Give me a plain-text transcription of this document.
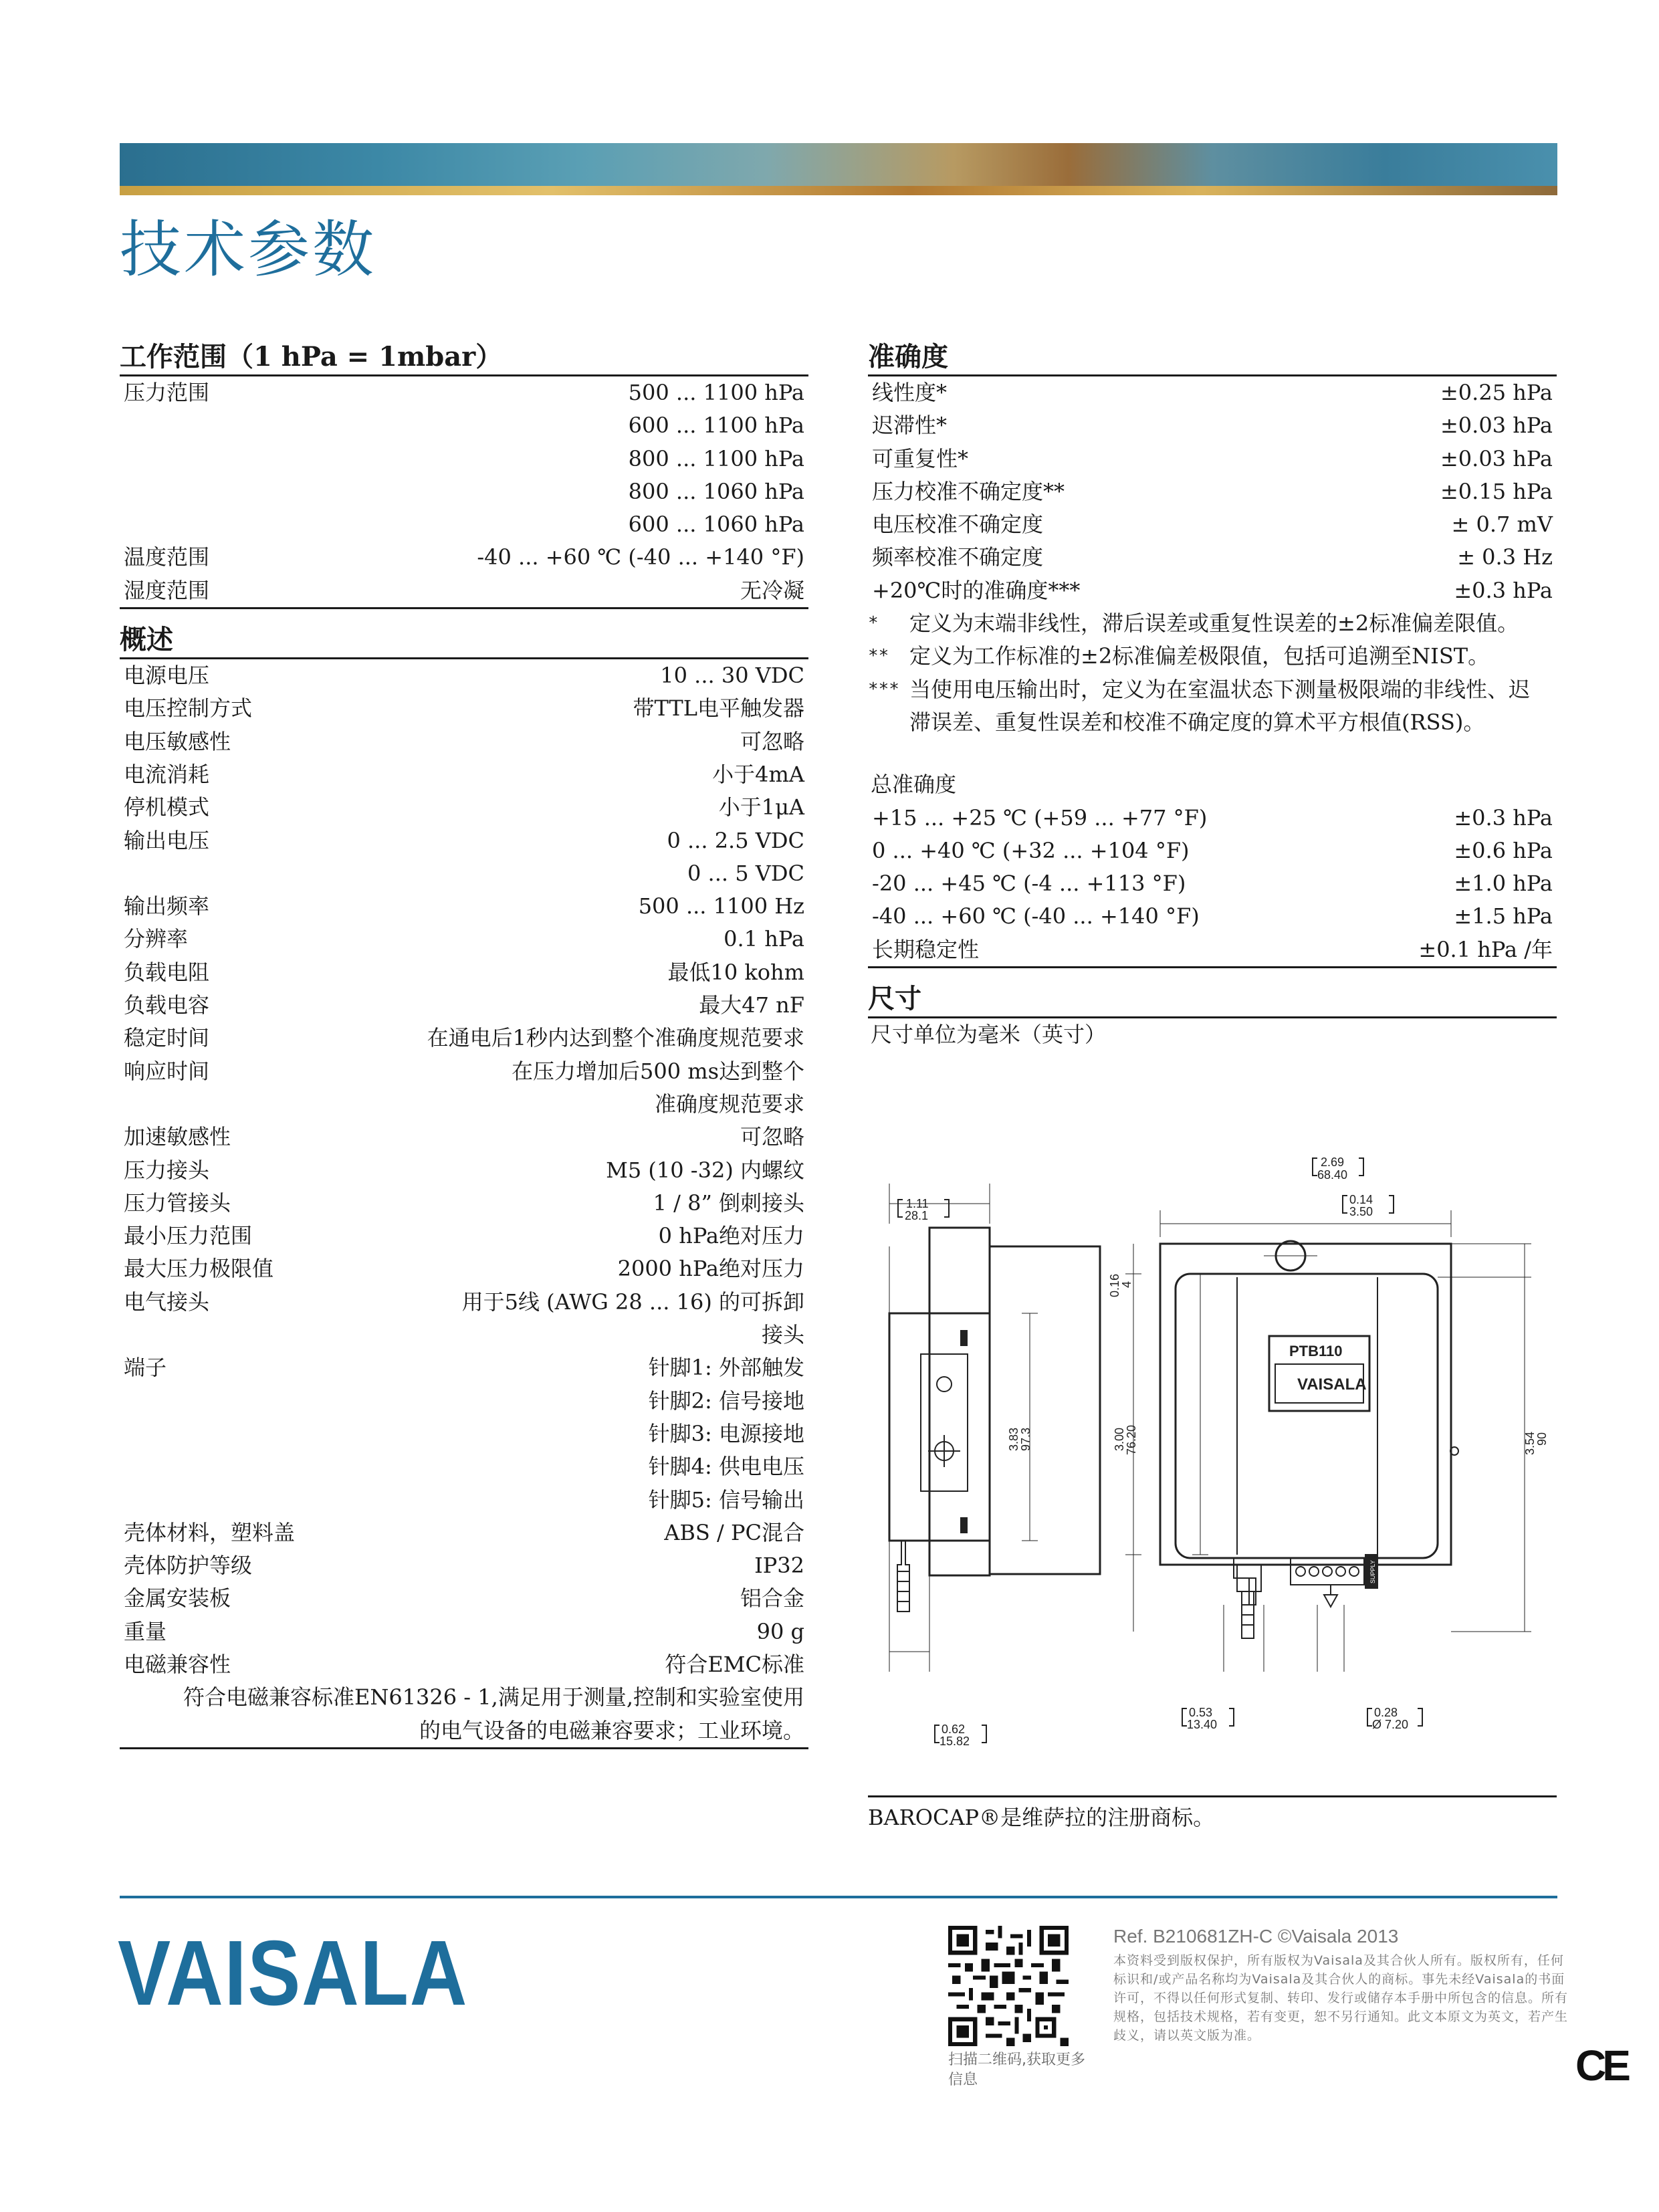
技术参数
工作范围（1 hPa = 1mbar）
压力范围	500 ... 1100 hPa
600 ... 1100 hPa
800 ... 1100 hPa
800 ... 1060 hPa
600 ... 1060 hPa
温度范围	-40 ... +60 ℃ (-40 ... +140 °F)
湿度范围	无冷凝
概述
电源电压	10 ... 30 VDC
电压控制方式	带TTL电平触发器
电压敏感性	可忽略
电流消耗	小于4mA
停机模式	小于1μA
输出电压	0 ... 2.5 VDC
0 ... 5 VDC
输出频率	500 ... 1100 Hz
分辨率	0.1 hPa
负载电阻	最低10 kohm
负载电容	最大47 nF
稳定时间	在通电后1秒内达到整个准确度规范要求
响应时间	在压力增加后500 ms达到整个
准确度规范要求
加速敏感性	可忽略
压力接头	M5 (10 -32) 内螺纹
压力管接头	1 / 8” 倒刺接头
最小压力范围	0 hPa绝对压力
最大压力极限值	2000 hPa绝对压力
电气接头	用于5线 (AWG 28 ... 16) 的可拆卸
接头
端子	针脚1: 外部触发
针脚2: 信号接地
针脚3: 电源接地
针脚4: 供电电压
针脚5: 信号输出
壳体材料，塑料盖	ABS / PC混合
壳体防护等级	IP32
金属安装板	铝合金
重量	90 g
电磁兼容性	符合EMC标准
符合电磁兼容标准EN61326 - 1,满足用于测量,控制和实验室使用
的电气设备的电磁兼容要求；工业环境。
准确度
线性度*	±0.25 hPa
迟滞性*	±0.03 hPa
可重复性*	±0.03 hPa
压力校准不确定度**	±0.15 hPa
电压校准不确定度	± 0.7 mV
频率校准不确定度	± 0.3 Hz
+20℃时的准确度***	±0.3 hPa
*	定义为末端非线性，滞后误差或重复性误差的±2标准偏差限值。
** 定义为工作标准的±2标准偏差极限值，包括可追溯至NIST。
*** 当使用电压输出时，定义为在室温状态下测量极限端的非线性、迟滞误差、重复性误差和校准不确定度的算术平方根值(RSS)。
总准确度
+15 ... +25 ℃ (+59 ... +77 °F)	±0.3 hPa
0 ... +40 ℃ (+32 ... +104 °F)	±0.6 hPa
-20 ... +45 ℃ (-4 ... +113 °F)	±1.0 hPa
-40 ... +60 ℃ (-40 ... +140 °F)	±1.5 hPa
长期稳定性	±0.1 hPa /年
尺寸
尺寸单位为毫米（英寸）
1.11
28.1
2.69
68.40
0.14
3.50
0.16
4
3.83
97.3	3.00
76.20	3.54
90
0.62
15.82
0.53
13.40
0.28
Ø 7.20
PTB110
VAISALA
SUPPLY
BAROCAP®是维萨拉的注册商标。
VAISALA
扫描二维码,获取更多信息
Ref. B210681ZH-C ©Vaisala 2013
本资料受到版权保护，所有版权为Vaisala及其合伙人所有。版权所有，任何标识和/或产品名称均为Vaisala及其合伙人的商标。事先未经Vaisala的书面许可，不得以任何形式复制、转印、发行或储存本手册中所包含的信息。所有规格，包括技术规格，若有变更，恕不另行通知。此文本原文为英文，若产生歧义，请以英文版为准。
CE
